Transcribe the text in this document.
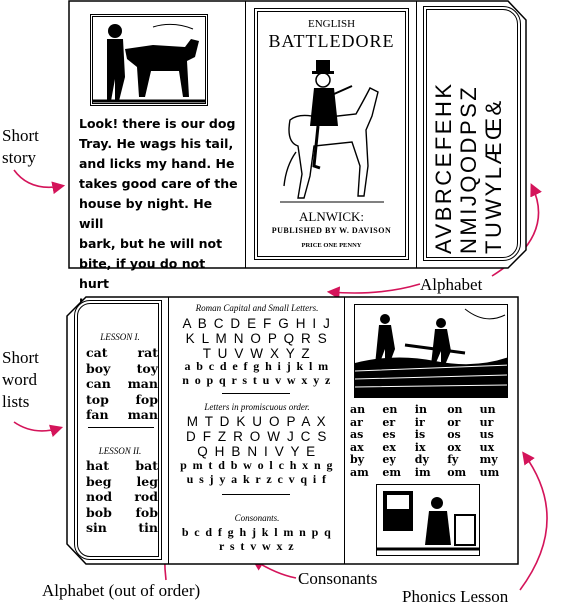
Short
story
Short
word
lists
Alphabet
Alphabet (out of order)
Consonants
Phonics Lesson
Look! there is our dog
Tray. He wags his tail,
and licks my hand. He
takes good care of the
house by night. He will
bark, but he will not
bite, if you do not hurt
ENGLISH
BATTLEDORE
ALNWICK:
PUBLISHED BY W. DAVISON
PRICE ONE PENNY	AVBRCEFEHK NMIJQODPSZ TUWYLÆŒ&
LESSON I.
cat rat
boy toy
can man
top fop
fan man
LESSON II.
hat bat
beg leg
nod rod
bob fob
sin	tin
Roman Capital and Small Letters.
A B C D E F G H I J
K L M N O P Q R S
T U V W X Y Z
a b c d e f g h i j k l m
n o p q r s t u v w x y z
Letters in promiscuous order.
M T D K U O P A X
D F Z R O W J C S
Q H B N I V Y E
p m t d b w o l c h x n g
u s j y a k r z c v q i f
Consonants.
b c d f g h j k l m n p q
r s t v w x z
an	en	in	on	un
ar	er	ir	or	ur
as	es	is	os	us
ax	ex	ix	ox	ux
by	ey	dy	fy	my
am	em	im	om	um
